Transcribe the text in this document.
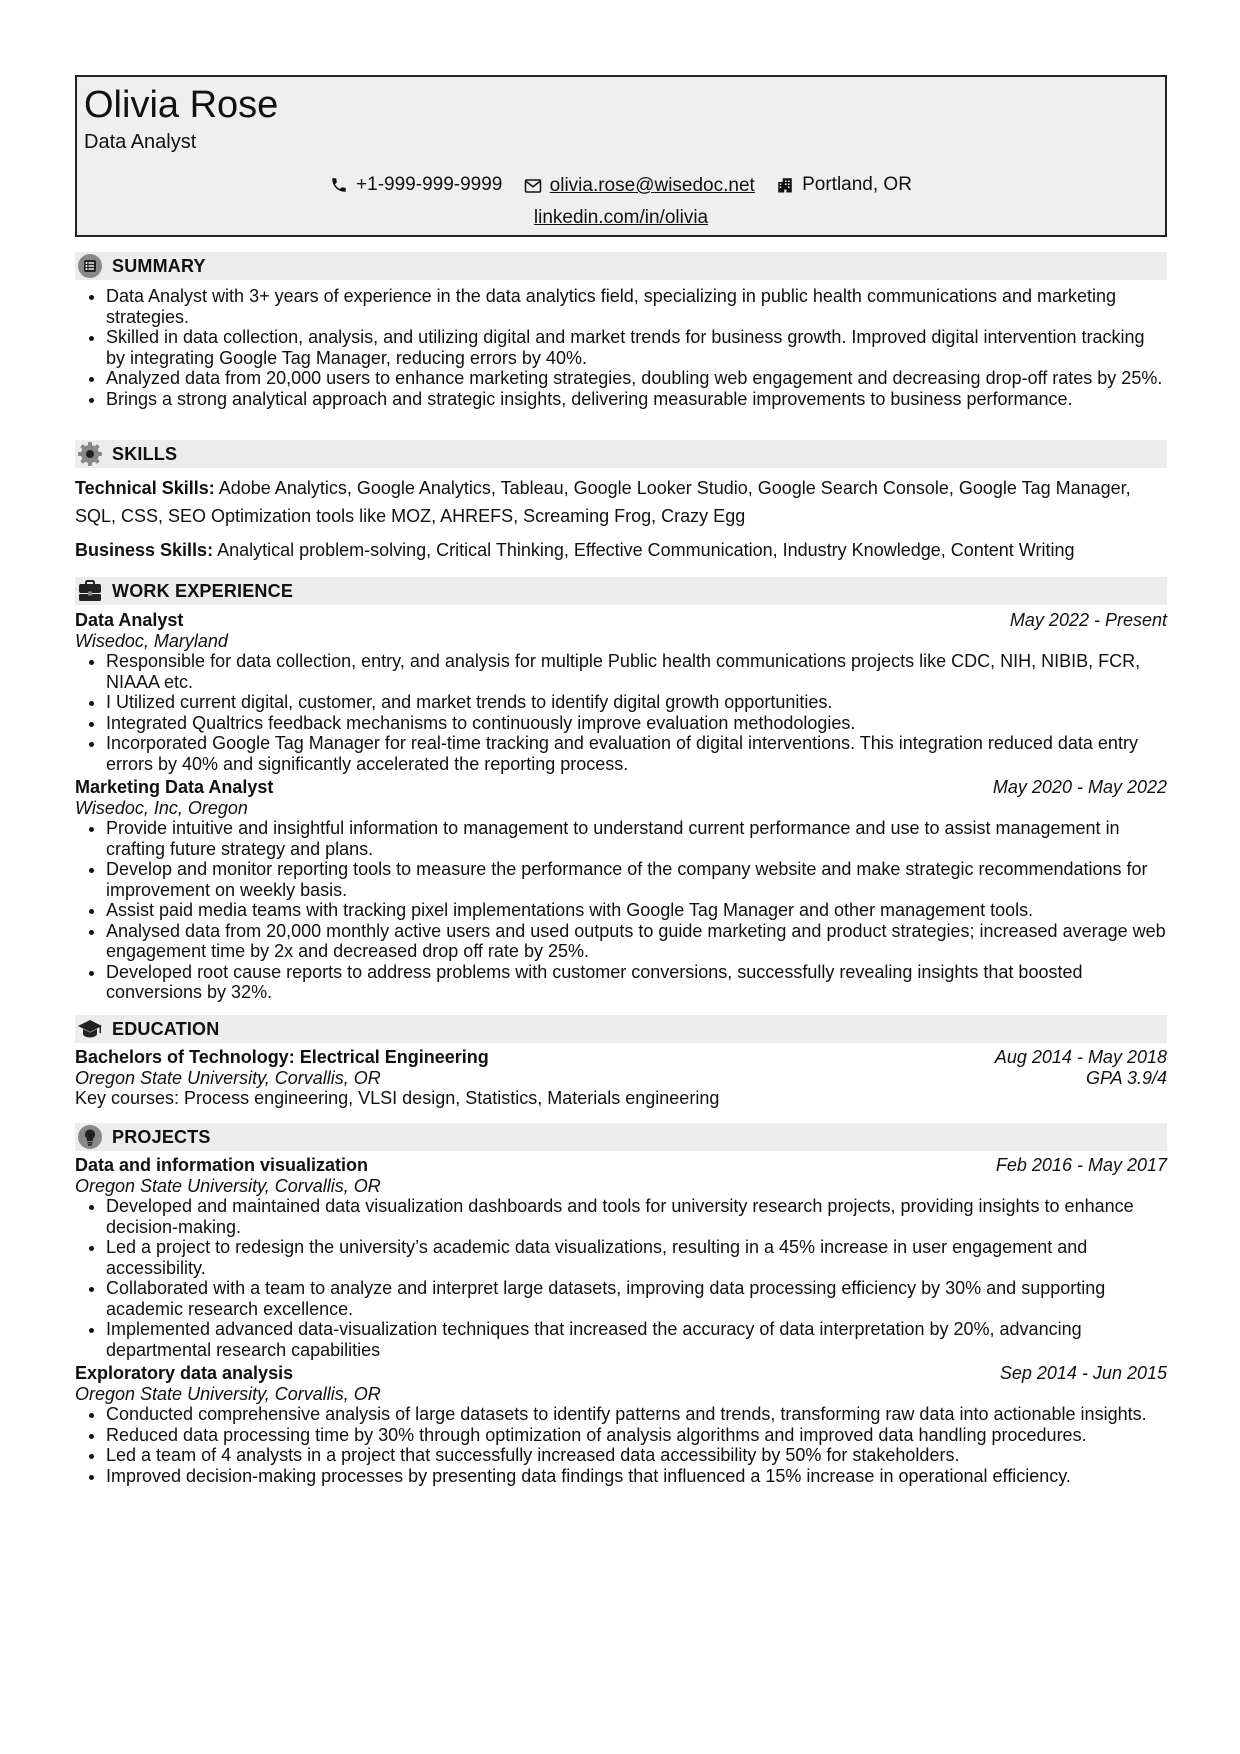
Olivia Rose
Data Analyst
+1-999-999-9999
olivia.rose@wisedoc.net
Portland, OR
linkedin.com/in/olivia
SUMMARY
• Data Analyst with 3+ years of experience in the data analytics field, specializing in public health communications and marketing strategies.
• Skilled in data collection, analysis, and utilizing digital and market trends for business growth. Improved digital intervention tracking by integrating Google Tag Manager, reducing errors by 40%.
• Analyzed data from 20,000 users to enhance marketing strategies, doubling web engagement and decreasing drop-off rates by 25%.
• Brings a strong analytical approach and strategic insights, delivering measurable improvements to business performance.
SKILLS
Technical Skills: Adobe Analytics, Google Analytics, Tableau, Google Looker Studio, Google Search Console, Google Tag Manager, SQL, CSS, SEO Optimization tools like MOZ, AHREFS, Screaming Frog, Crazy Egg
Business Skills: Analytical problem-solving, Critical Thinking, Effective Communication, Industry Knowledge, Content Writing
WORK EXPERIENCE
Data Analyst	May 2022 - Present
Wisedoc, Maryland
• Responsible for data collection, entry, and analysis for multiple Public health communications projects like CDC, NIH, NIBIB, FCR, NIAAA etc.
• I Utilized current digital, customer, and market trends to identify digital growth opportunities.
• Integrated Qualtrics feedback mechanisms to continuously improve evaluation methodologies.
• Incorporated Google Tag Manager for real-time tracking and evaluation of digital interventions. This integration reduced data entry errors by 40% and significantly accelerated the reporting process.
Marketing Data Analyst	May 2020 - May 2022
Wisedoc, Inc, Oregon
• Provide intuitive and insightful information to management to understand current performance and use to assist management in crafting future strategy and plans.
• Develop and monitor reporting tools to measure the performance of the company website and make strategic recommendations for improvement on weekly basis.
• Assist paid media teams with tracking pixel implementations with Google Tag Manager and other management tools.
• Analysed data from 20,000 monthly active users and used outputs to guide marketing and product strategies; increased average web engagement time by 2x and decreased drop off rate by 25%.
• Developed root cause reports to address problems with customer conversions, successfully revealing insights that boosted conversions by 32%.
EDUCATION
Bachelors of Technology: Electrical Engineering	Aug 2014 - May 2018
Oregon State University, Corvallis, OR	GPA 3.9/4
Key courses: Process engineering, VLSI design, Statistics, Materials engineering
PROJECTS
Data and information visualization	Feb 2016 - May 2017
Oregon State University, Corvallis, OR
• Developed and maintained data visualization dashboards and tools for university research projects, providing insights to enhance decision-making.
• Led a project to redesign the university’s academic data visualizations, resulting in a 45% increase in user engagement and accessibility.
• Collaborated with a team to analyze and interpret large datasets, improving data processing efficiency by 30% and supporting academic research excellence.
• Implemented advanced data-visualization techniques that increased the accuracy of data interpretation by 20%, advancing departmental research capabilities
Exploratory data analysis	Sep 2014 - Jun 2015
Oregon State University, Corvallis, OR
• Conducted comprehensive analysis of large datasets to identify patterns and trends, transforming raw data into actionable insights.
• Reduced data processing time by 30% through optimization of analysis algorithms and improved data handling procedures.
• Led a team of 4 analysts in a project that successfully increased data accessibility by 50% for stakeholders.
• Improved decision-making processes by presenting data findings that influenced a 15% increase in operational efficiency.
